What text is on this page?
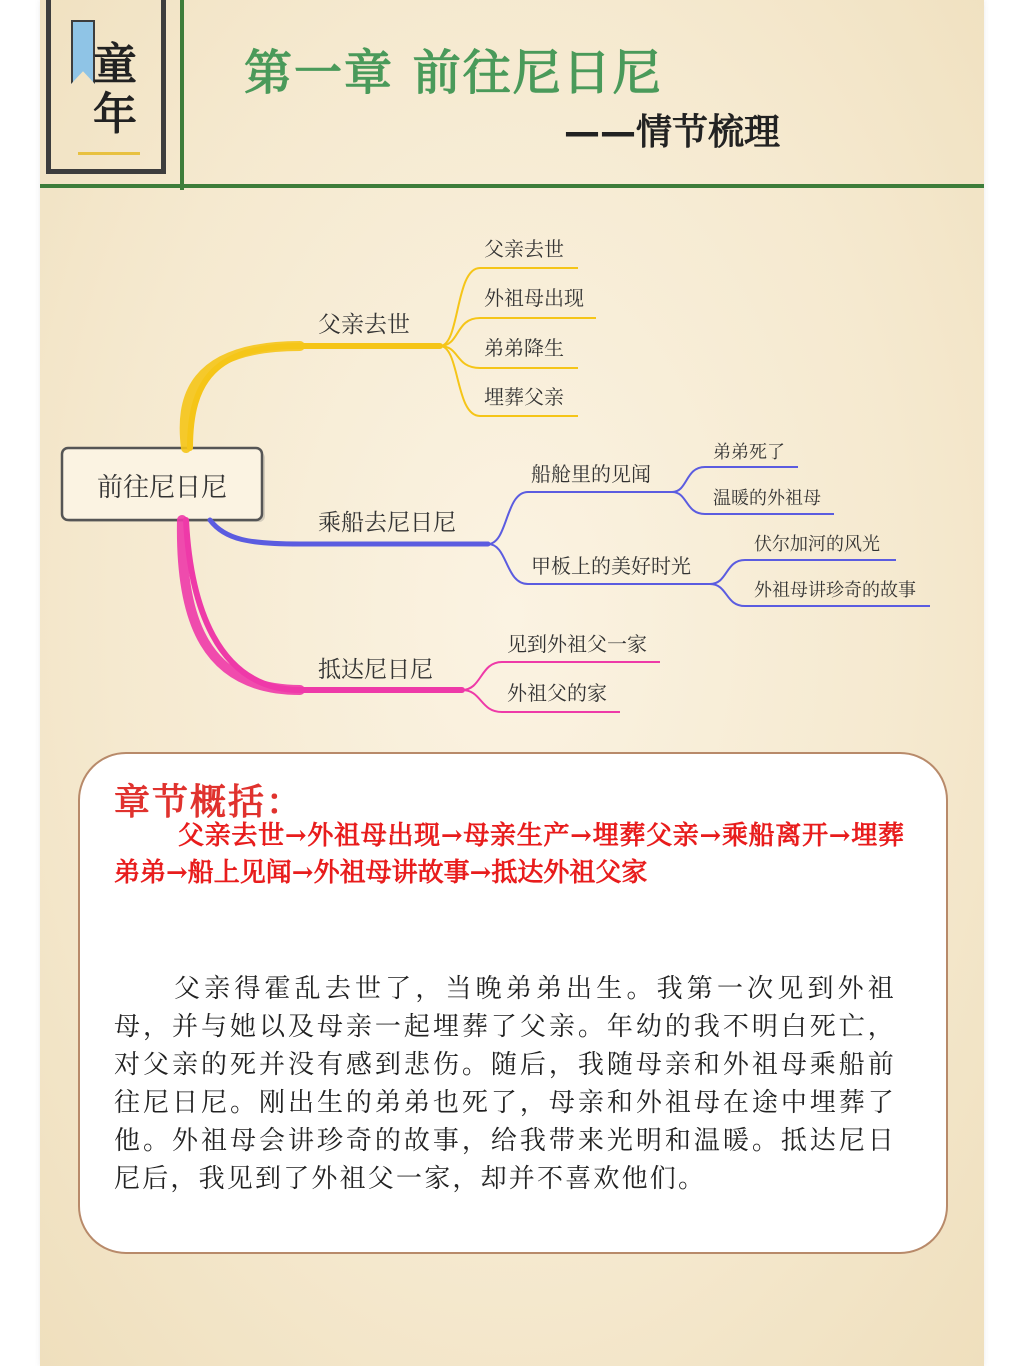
童
年
第一章 前往尼日尼
——情节梳理
前往尼日尼
父亲去世
父亲去世
外祖母出现
弟弟降生
埋葬父亲
乘船去尼日尼
船舱里的见闻
甲板上的美好时光
弟弟死了
温暖的外祖母
伏尔加河的风光
外祖母讲珍奇的故事
抵达尼日尼
见到外祖父一家
外祖父的家
章节概括：
父亲去世→外祖母出现→母亲生产→埋葬父亲→乘船离开→埋葬弟弟→船上见闻→外祖母讲故事→抵达外祖父家
父亲得霍乱去世了，当晚弟弟出生。我第一次见到外祖母，并与她以及母亲一起埋葬了父亲。年幼的我不明白死亡，对父亲的死并没有感到悲伤。随后，我随母亲和外祖母乘船前往尼日尼。刚出生的弟弟也死了，母亲和外祖母在途中埋葬了他。外祖母会讲珍奇的故事，给我带来光明和温暖。抵达尼日尼后，我见到了外祖父一家，却并不喜欢他们。
